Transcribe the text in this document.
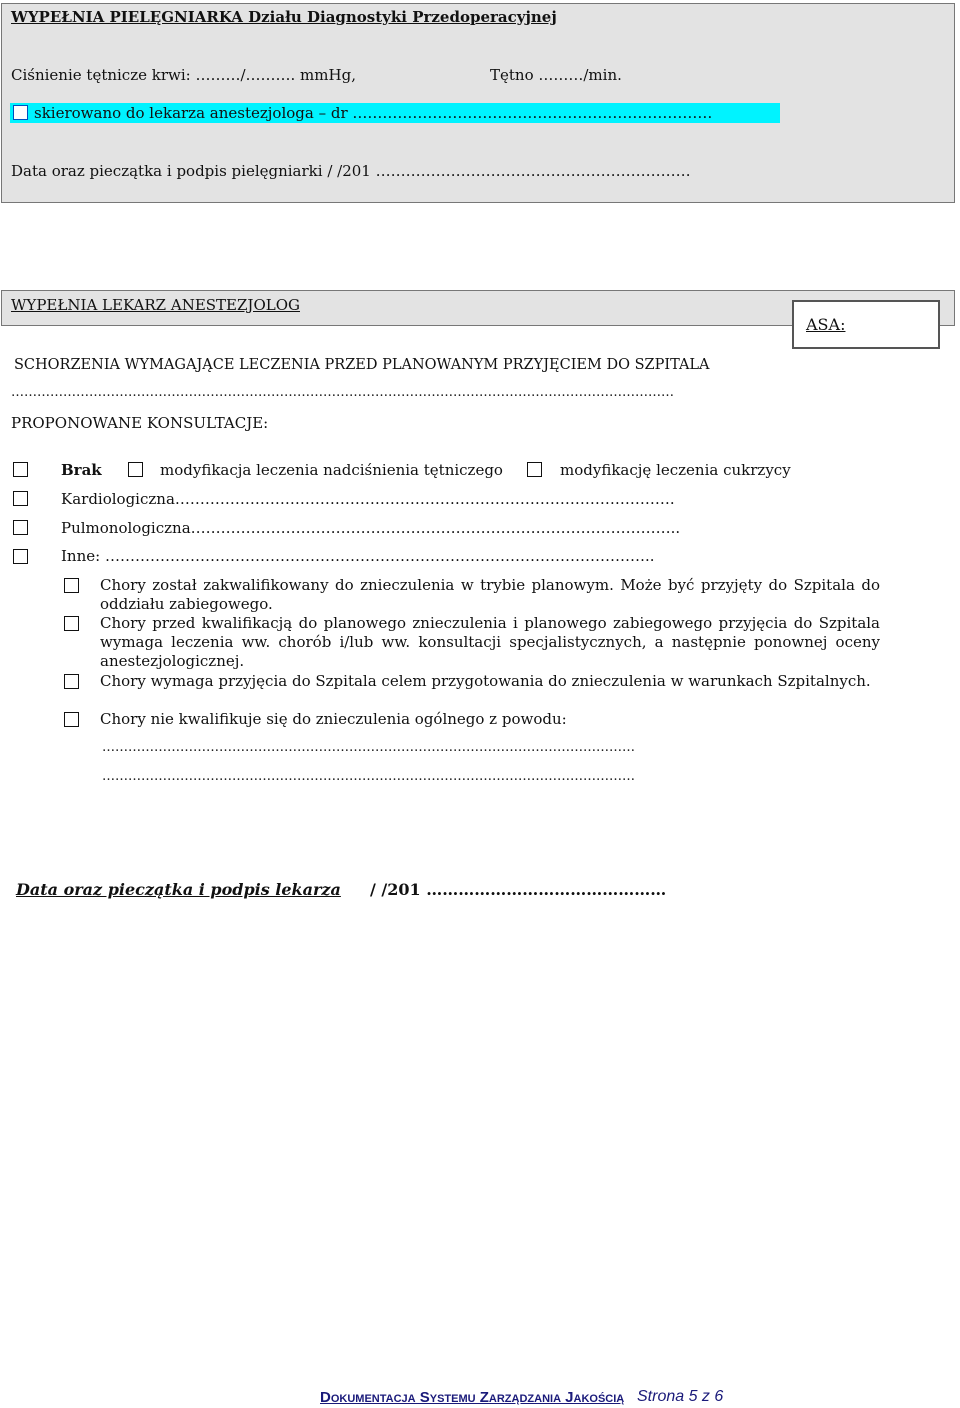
WYPEŁNIA PIELĘGNIARKA Działu Diagnostyki Przedoperacyjnej
Ciśnienie tętnicze krwi: ………/………. mmHg,	Tętno ………/min.
skierowano do lekarza anestezjologa – dr ………………………………………………………………
Data oraz pieczątka i podpis pielęgniarki / /201 ………………………………………………………
WYPEŁNIA LEKARZ ANESTEZJOLOG
ASA:
SCHORZENIA WYMAGAJĄCE LECZENIA PRZED PLANOWANYM PRZYJĘCIEM DO SZPITALA
………………………………………………………………………………………………………………………………………
PROPONOWANE KONSULTACJE:
Brak	modyfikacja leczenia nadciśnienia tętniczego	modyfikację leczenia cukrzycy
Kardiologiczna……………………………………………………………………………………….
Pulmonologiczna……………………………………………………………………………………..
Inne: ………………………………………………………………………………………………..
Chory został zakwalifikowany do znieczulenia w trybie planowym. Może być przyjęty do Szpitala do oddziału zabiegowego.
Chory przed kwalifikacją do planowego znieczulenia i planowego zabiegowego przyjęcia do Szpitala wymaga leczenia ww. chorób i/lub ww. konsultacji specjalistycznych, a następnie ponownej oceny anestezjologicznej.
Chory wymaga przyjęcia do Szpitala celem przygotowania do znieczulenia w warunkach Szpitalnych.
Chory nie kwalifikuje się do znieczulenia ogólnego z powodu:
……………………………………………………………………………………………………………
……………………………………………………………………………………………………………
Data oraz pieczątka i podpis lekarza / /201 ………………………………………
Dokumentacja Systemu Zarządzania Jakością Strona 5 z 6
